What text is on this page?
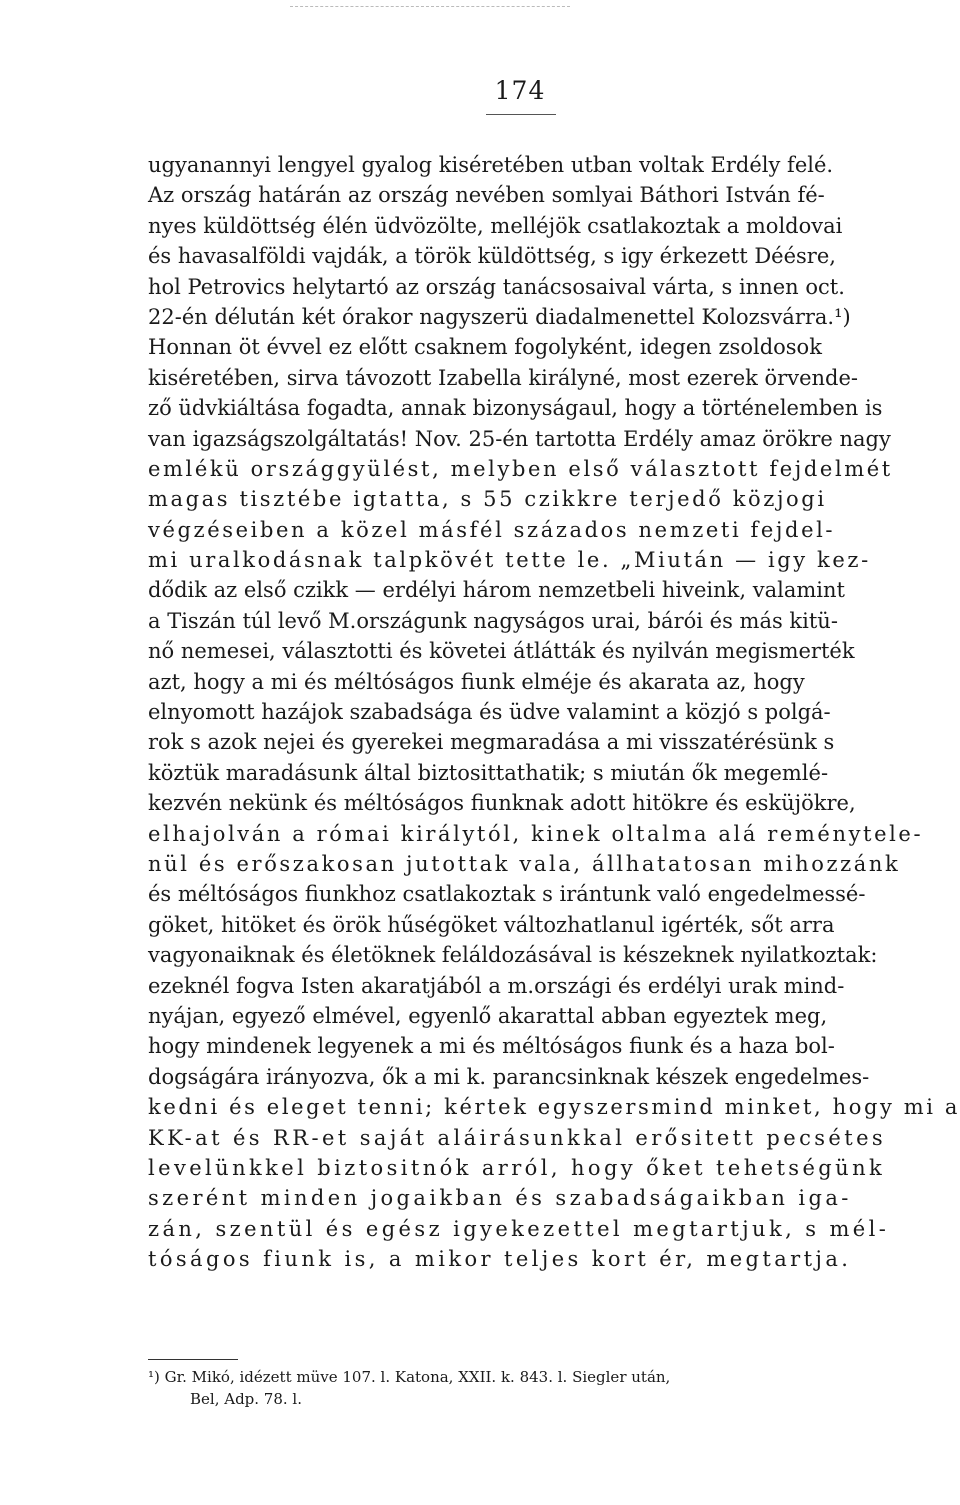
174
ugyanannyi lengyel gyalog kiséretében utban voltak Erdély felé.
Az ország határán az ország nevében somlyai Báthori István fé-
nyes küldöttség élén üdvözölte, melléjök csatlakoztak a moldovai
és havasalföldi vajdák, a török küldöttség, s igy érkezett Déésre,
hol Petrovics helytartó az ország tanácsosaival várta, s innen oct.
22-én délután két órakor nagyszerü diadalmenettel Kolozsvárra.¹)
Honnan öt évvel ez előtt csaknem fogolyként, idegen zsoldosok
kiséretében, sirva távozott Izabella királyné, most ezerek örvende-
ző üdvkiáltása fogadta, annak bizonyságaul, hogy a történelemben is
van igazságszolgáltatás! Nov. 25-én tartotta Erdély amaz örökre nagy
emlékü országgyülést, melyben első választott fejdelmét
magas tisztébe igtatta, s 55 czikkre terjedő közjogi
végzéseiben a közel másfél százados nemzeti fejdel-
mi uralkodásnak talpkövét tette le. „Miután — igy kez-
dődik az első czikk — erdélyi három nemzetbeli hiveink, valamint
a Tiszán túl levő M.országunk nagyságos urai, bárói és más kitü-
nő nemesei, választotti és követei átlátták és nyilván megismerték
azt, hogy a mi és méltóságos fiunk elméje és akarata az, hogy
elnyomott hazájok szabadsága és üdve valamint a közjó s polgá-
rok s azok nejei és gyerekei megmaradása a mi visszatérésünk s
köztük maradásunk által biztosittathatik; s miután ők megemlé-
kezvén nekünk és méltóságos fiunknak adott hitökre és esküjökre,
elhajolván a római királytól, kinek oltalma alá reménytele-
nül és erőszakosan jutottak vala, állhatatosan mihozzánk
és méltóságos fiunkhoz csatlakoztak s irántunk való engedelmessé-
göket, hitöket és örök hűségöket változhatlanul igérték, sőt arra
vagyonaiknak és életöknek feláldozásával is készeknek nyilatkoztak:
ezeknél fogva Isten akaratjából a m.országi és erdélyi urak mind-
nyájan, egyező elmével, egyenlő akarattal abban egyeztek meg,
hogy mindenek legyenek a mi és méltóságos fiunk és a haza bol-
dogságára irányozva, ők a mi k. parancsinknak készek engedelmes-
kedni és eleget tenni; kértek egyszersmind minket, hogy mi a
KK-at és RR-et saját aláirásunkkal erősitett pecsétes
levelünkkel biztositnók arról, hogy őket tehetségünk
szerént minden jogaikban és szabadságaikban iga-
zán, szentül és egész igyekezettel megtartjuk, s mél-
tóságos fiunk is, a mikor teljes kort ér, megtartja.
¹) Gr. Mikó, idézett müve 107. l. Katona, XXII. k. 843. l. Siegler után,
Bel, Adp. 78. l.
